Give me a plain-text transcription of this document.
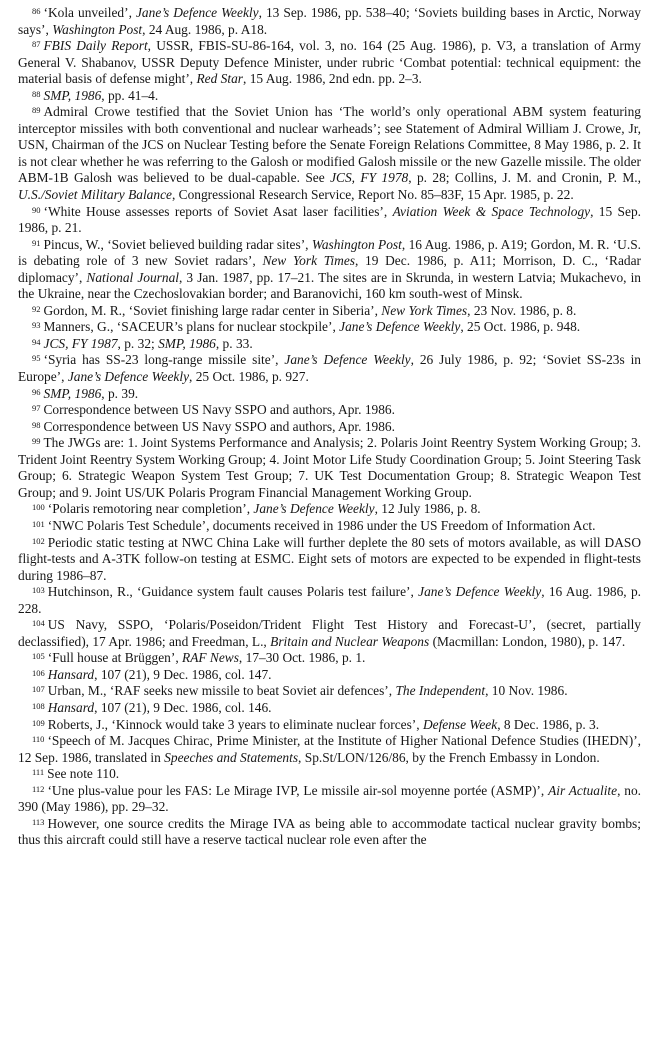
$^{86}$ ‘Kola unveiled’, Jane’s Defence Weekly, 13 Sep. 1986, pp. 538–40; ‘Soviets building bases in Arctic, Norway says’, Washington Post, 24 Aug. 1986, p. A18.

$^{87}$ FBIS Daily Report, USSR, FBIS-SU-86-164, vol. 3, no. 164 (25 Aug. 1986), p. V3, a translation of Army General V. Shabanov, USSR Deputy Defence Minister, under rubric ‘Combat potential: technical equipment: the material basis of defense might’, Red Star, 15 Aug. 1986, 2nd edn. pp. 2–3.

$^{88}$ SMP, 1986, pp. 41–4.

$^{89}$ Admiral Crowe testified that the Soviet Union has ‘The world’s only operational ABM system featuring interceptor missiles with both conventional and nuclear warheads’; see Statement of Admiral William J. Crowe, Jr, USN, Chairman of the JCS on Nuclear Testing before the Senate Foreign Relations Committee, 8 May 1986, p. 2. It is not clear whether he was referring to the Galosh or modified Galosh missile or the new Gazelle missile. The older ABM-1B Galosh was believed to be dual-capable. See JCS, FY 1978, p. 28; Collins, J. M. and Cronin, P. M., U.S./Soviet Military Balance, Congressional Research Service, Report No. 85–83F, 15 Apr. 1985, p. 22.

$^{90}$ ‘White House assesses reports of Soviet Asat laser facilities’, Aviation Week & Space Technology, 15 Sep. 1986, p. 21.

$^{91}$ Pincus, W., ‘Soviet believed building radar sites’, Washington Post, 16 Aug. 1986, p. A19; Gordon, M. R. ‘U.S. is debating role of 3 new Soviet radars’, New York Times, 19 Dec. 1986, p. A11; Morrison, D. C., ‘Radar diplomacy’, National Journal, 3 Jan. 1987, pp. 17–21. The sites are in Skrunda, in western Latvia; Mukachevo, in the Ukraine, near the Czechoslovakian border; and Baranovichi, 160 km south-west of Minsk.

$^{92}$ Gordon, M. R., ‘Soviet finishing large radar center in Siberia’, New York Times, 23 Nov. 1986, p. 8.

$^{93}$ Manners, G., ‘SACEUR’s plans for nuclear stockpile’, Jane’s Defence Weekly, 25 Oct. 1986, p. 948.

$^{94}$ JCS, FY 1987, p. 32; SMP, 1986, p. 33.

$^{95}$ ‘Syria has SS-23 long-range missile site’, Jane’s Defence Weekly, 26 July 1986, p. 92; ‘Soviet SS-23s in Europe’, Jane’s Defence Weekly, 25 Oct. 1986, p. 927.

$^{96}$ SMP, 1986, p. 39.

$^{97}$ Correspondence between US Navy SSPO and authors, Apr. 1986.

$^{98}$ Correspondence between US Navy SSPO and authors, Apr. 1986.

$^{99}$ The JWGs are: 1. Joint Systems Performance and Analysis; 2. Polaris Joint Reentry System Working Group; 3. Trident Joint Reentry System Working Group; 4. Joint Motor Life Study Coordination Group; 5. Joint Steering Task Group; 6. Strategic Weapon System Test Group; 7. UK Test Documentation Group; 8. Strategic Weapon Test Group; and 9. Joint US/UK Polaris Program Financial Management Working Group.

$^{100}$ ‘Polaris remotoring near completion’, Jane’s Defence Weekly, 12 July 1986, p. 8.

$^{101}$ ‘NWC Polaris Test Schedule’, documents received in 1986 under the US Freedom of Information Act.

$^{102}$ Periodic static testing at NWC China Lake will further deplete the 80 sets of motors available, as will DASO flight-tests and A-3TK follow-on testing at ESMC. Eight sets of motors are expected to be expended in flight-tests during 1986–87.

$^{103}$ Hutchinson, R., ‘Guidance system fault causes Polaris test failure’, Jane’s Defence Weekly, 16 Aug. 1986, p. 228.

$^{104}$ US Navy, SSPO, ‘Polaris/Poseidon/Trident Flight Test History and Forecast-U’, (secret, partially declassified), 17 Apr. 1986; and Freedman, L., Britain and Nuclear Weapons (Macmillan: London, 1980), p. 147.

$^{105}$ ‘Full house at Brüggen’, RAF News, 17–30 Oct. 1986, p. 1.

$^{106}$ Hansard, 107 (21), 9 Dec. 1986, col. 147.

$^{107}$ Urban, M., ‘RAF seeks new missile to beat Soviet air defences’, The Independent, 10 Nov. 1986.

$^{108}$ Hansard, 107 (21), 9 Dec. 1986, col. 146.

$^{109}$ Roberts, J., ‘Kinnock would take 3 years to eliminate nuclear forces’, Defense Week, 8 Dec. 1986, p. 3.

$^{110}$ ‘Speech of M. Jacques Chirac, Prime Minister, at the Institute of Higher National Defence Studies (IHEDN)’, 12 Sep. 1986, translated in Speeches and Statements, Sp.St/LON/126/86, by the French Embassy in London.

$^{111}$ See note 110.

$^{112}$ ‘Une plus-value pour les FAS: Le Mirage IVP, Le missile air-sol moyenne portée (ASMP)’, Air Actualite, no. 390 (May 1986), pp. 29–32.

$^{113}$ However, one source credits the Mirage IVA as being able to accommodate tactical nuclear gravity bombs; thus this aircraft could still have a reserve tactical nuclear role even after the
